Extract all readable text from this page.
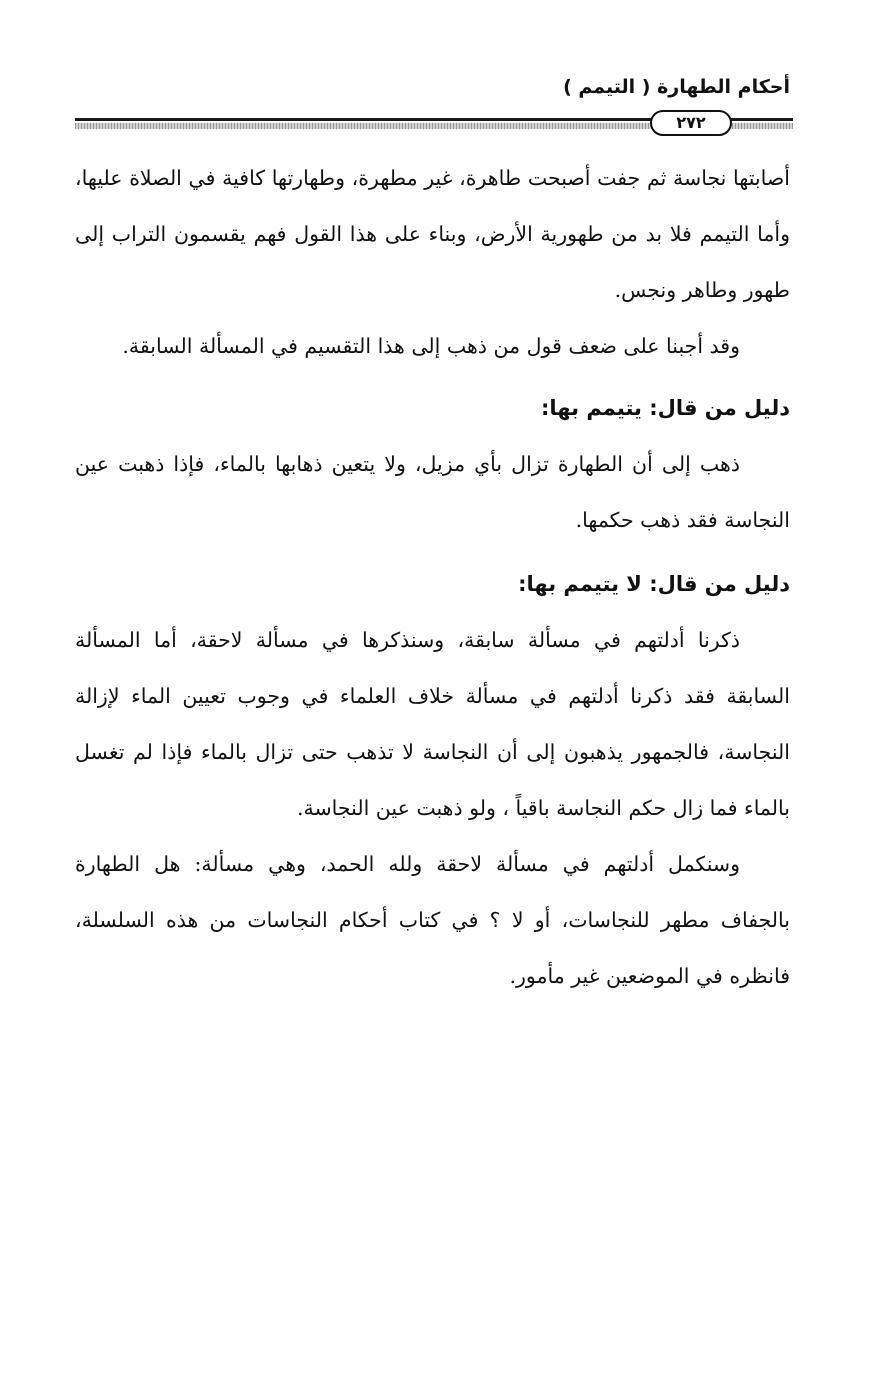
أحكام الطهارة ( التيمم )
٢٧٢

أصابتها نجاسة ثم جفت أصبحت طاهرة، غير مطهرة، وطهارتها كافية في الصلاة عليها، وأما التيمم فلا بد من طهورية الأرض، وبناء على هذا القول فهم يقسمون التراب إلى طهور وطاهر ونجس.

وقد أجبنا على ضعف قول من ذهب إلى هذا التقسيم في المسألة السابقة.

دليل من قال: يتيمم بها:

ذهب إلى أن الطهارة تزال بأي مزيل، ولا يتعين ذهابها بالماء، فإذا ذهبت عين النجاسة فقد ذهب حكمها.

دليل من قال: لا يتيمم بها:

ذكرنا أدلتهم في مسألة سابقة، وسنذكرها في مسألة لاحقة، أما المسألة السابقة فقد ذكرنا أدلتهم في مسألة خلاف العلماء في وجوب تعيين الماء لإزالة النجاسة، فالجمهور يذهبون إلى أن النجاسة لا تذهب حتى تزال بالماء فإذا لم تغسل بالماء فما زال حكم النجاسة باقياً ، ولو ذهبت عين النجاسة.

وسنكمل أدلتهم في مسألة لاحقة ولله الحمد، وهي مسألة: هل الطهارة بالجفاف مطهر للنجاسات، أو لا ؟ في كتاب أحكام النجاسات من هذه السلسلة، فانظره في الموضعين غير مأمور.
